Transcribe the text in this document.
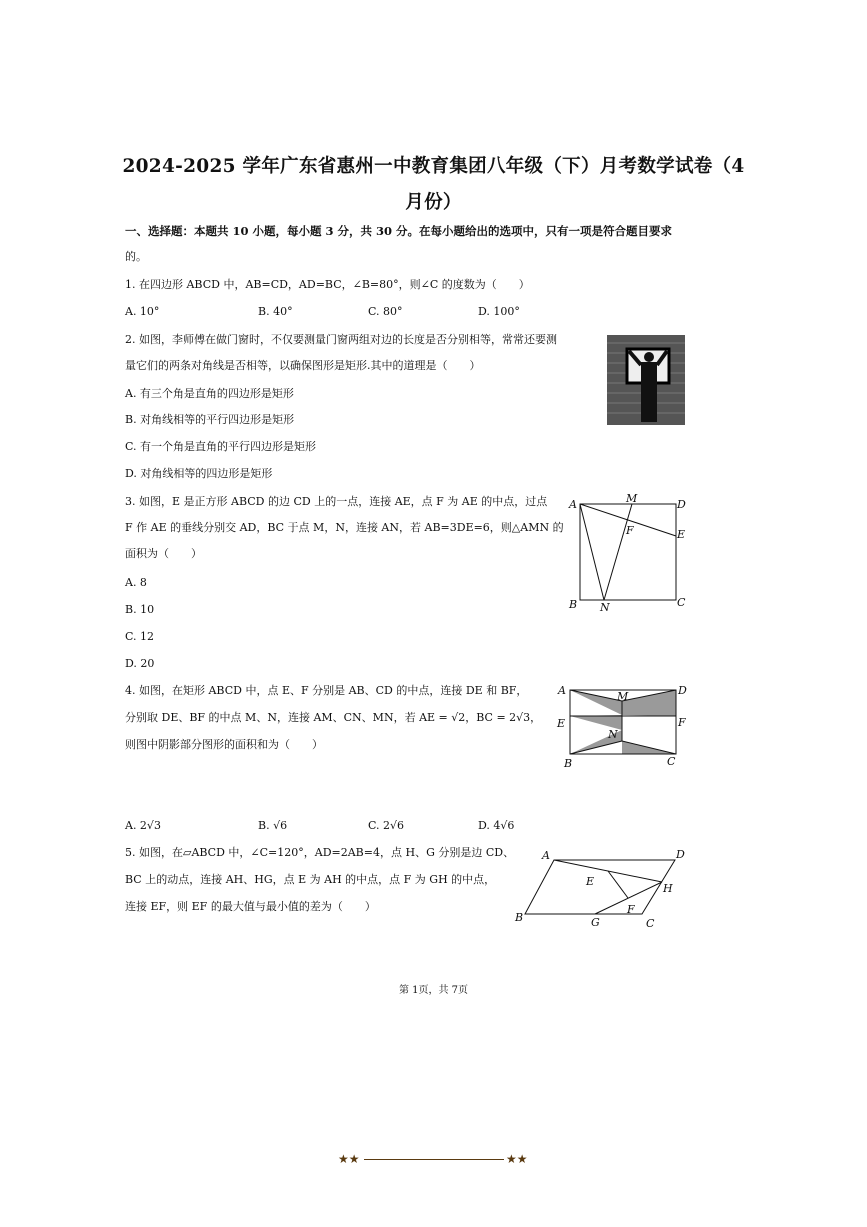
2024-2025 学年广东省惠州一中教育集团八年级（下）月考数学试卷（4
月份）
一、选择题：本题共 10 小题，每小题 3 分，共 30 分。在每小题给出的选项中，只有一项是符合题目要求
的。
1. 在四边形 ABCD 中，AB=CD，AD=BC，∠B=80°，则∠C 的度数为（　　）
A. 10°	B. 40°	C. 80°	D. 100°
2. 如图，李师傅在做门窗时，不仅要测量门窗两组对边的长度是否分别相等，常常还要测
量它们的两条对角线是否相等，以确保图形是矩形.其中的道理是（　　）
A. 有三个角是直角的四边形是矩形
B. 对角线相等的平行四边形是矩形
C. 有一个角是直角的平行四边形是矩形
D. 对角线相等的四边形是矩形
3. 如图，E 是正方形 ABCD 的边 CD 上的一点，连接 AE，点 F 为 AE 的中点，过点
F 作 AE 的垂线分别交 AD，BC 于点 M，N，连接 AN，若 AB=3DE=6，则△AMN 的
面积为（　　）
A. 8
B. 10
C. 12
D. 20
A	M	D
F	E
B N	C
4. 如图，在矩形 ABCD 中，点 E、F 分别是 AB、CD 的中点，连接 DE 和 BF，
分别取 DE、BF 的中点 M、N，连接 AM、CN、MN，若 AE = √2，BC = 2√3，
则图中阴影部分图形的面积和为（　　）
A. 2√3	B. √6	C. 2√6	D. 4√6
A	M	D
E	F
N
B	C
5. 如图，在▱ABCD 中，∠C=120°，AD=2AB=4，点 H、G 分别是边 CD、
BC 上的动点，连接 AH、HG，点 E 为 AH 的中点，点 F 为 GH 的中点，
连接 EF，则 EF 的最大值与最小值的差为（　　）
A	D
E
H
F
B	G	C
第 1页，共 7页
★★	★★
